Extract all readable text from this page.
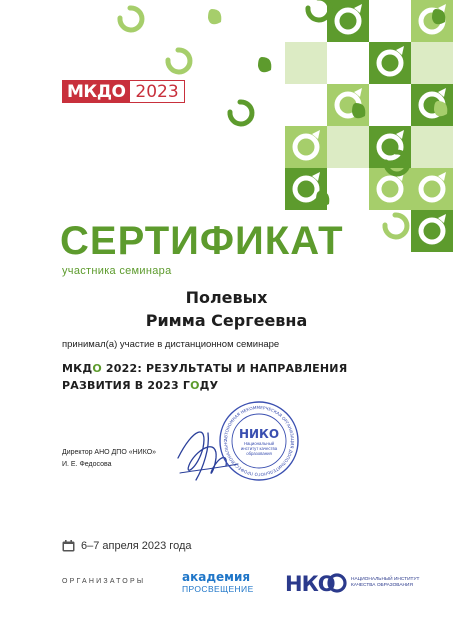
МКДО 2023
СЕРТИФИКАТ
участника семинара
Полевых
Римма Сергеевна
принимал(а) участие в дистанционном семинаре
МКДО 2022: РЕЗУЛЬТАТЫ И НАПРАВЛЕНИЯ РАЗВИТИЯ В 2023 ГОДУ
Директор АНО ДПО «НИКО»
И. Е. Федосова
АВТОНОМНАЯ НЕКОММЕРЧЕСКАЯ ОРГАНИЗАЦИЯ ДОПОЛНИТЕЛЬНОГО ПРОФЕССИОНАЛЬНО
НИКО
Национальный
институт качества
образования
6–7 апреля 2023 года
ОРГАНИЗАТОРЫ	академия
ПРОСВЕЩЕНИЕ НКО	НАЦИОНАЛЬНЫЙ ИНСТИТУТ
КАЧЕСТВА ОБРАЗОВАНИЯ
